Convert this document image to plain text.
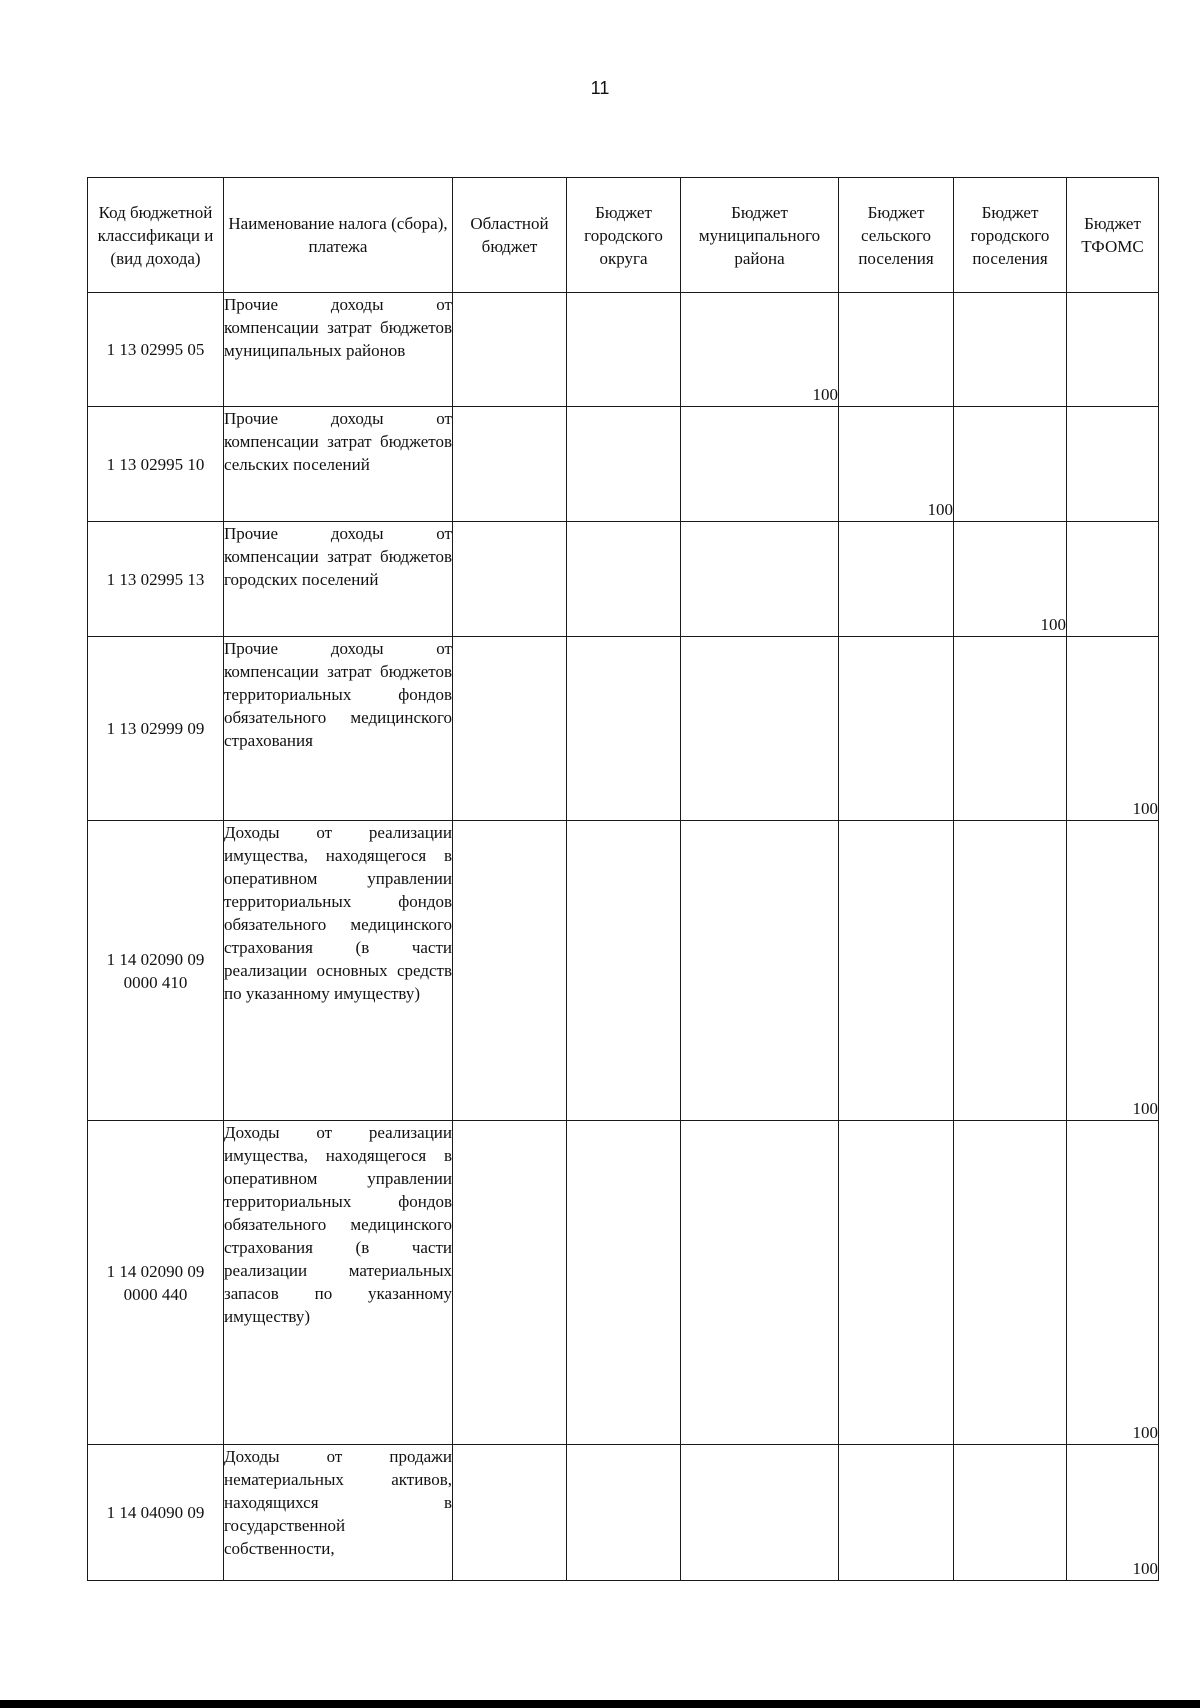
11
Код бюджетной классификаци и (вид дохода)	Наименование налога (сбора), платежа	Областной бюджет	Бюджет городского округа	Бюджет муниципального района	Бюджет сельского поселения	Бюджет городского поселения	Бюджет ТФОМС
1 13 02995 05	Прочие доходы от компенсации затрат бюджетов муниципальных районов			100			
1 13 02995 10	Прочие доходы от компенсации затрат бюджетов сельских поселений				100		
1 13 02995 13	Прочие доходы от компенсации затрат бюджетов городских поселений					100	
1 13 02999 09	Прочие доходы от компенсации затрат бюджетов территориальных фондов обязательного медицинского страхования						100
1 14 02090 09 0000 410	Доходы от реализации имущества, находящегося в оперативном управлении территориальных фондов обязательного медицинского страхования (в части реализации основных средств по указанному имуществу)						100
1 14 02090 09 0000 440	Доходы от реализации имущества, находящегося в оперативном управлении территориальных фондов обязательного медицинского страхования (в части реализации материальных запасов по указанному имуществу)						100
1 14 04090 09	Доходы от продажи нематериальных активов, находящихся в государственной собственности,						100
